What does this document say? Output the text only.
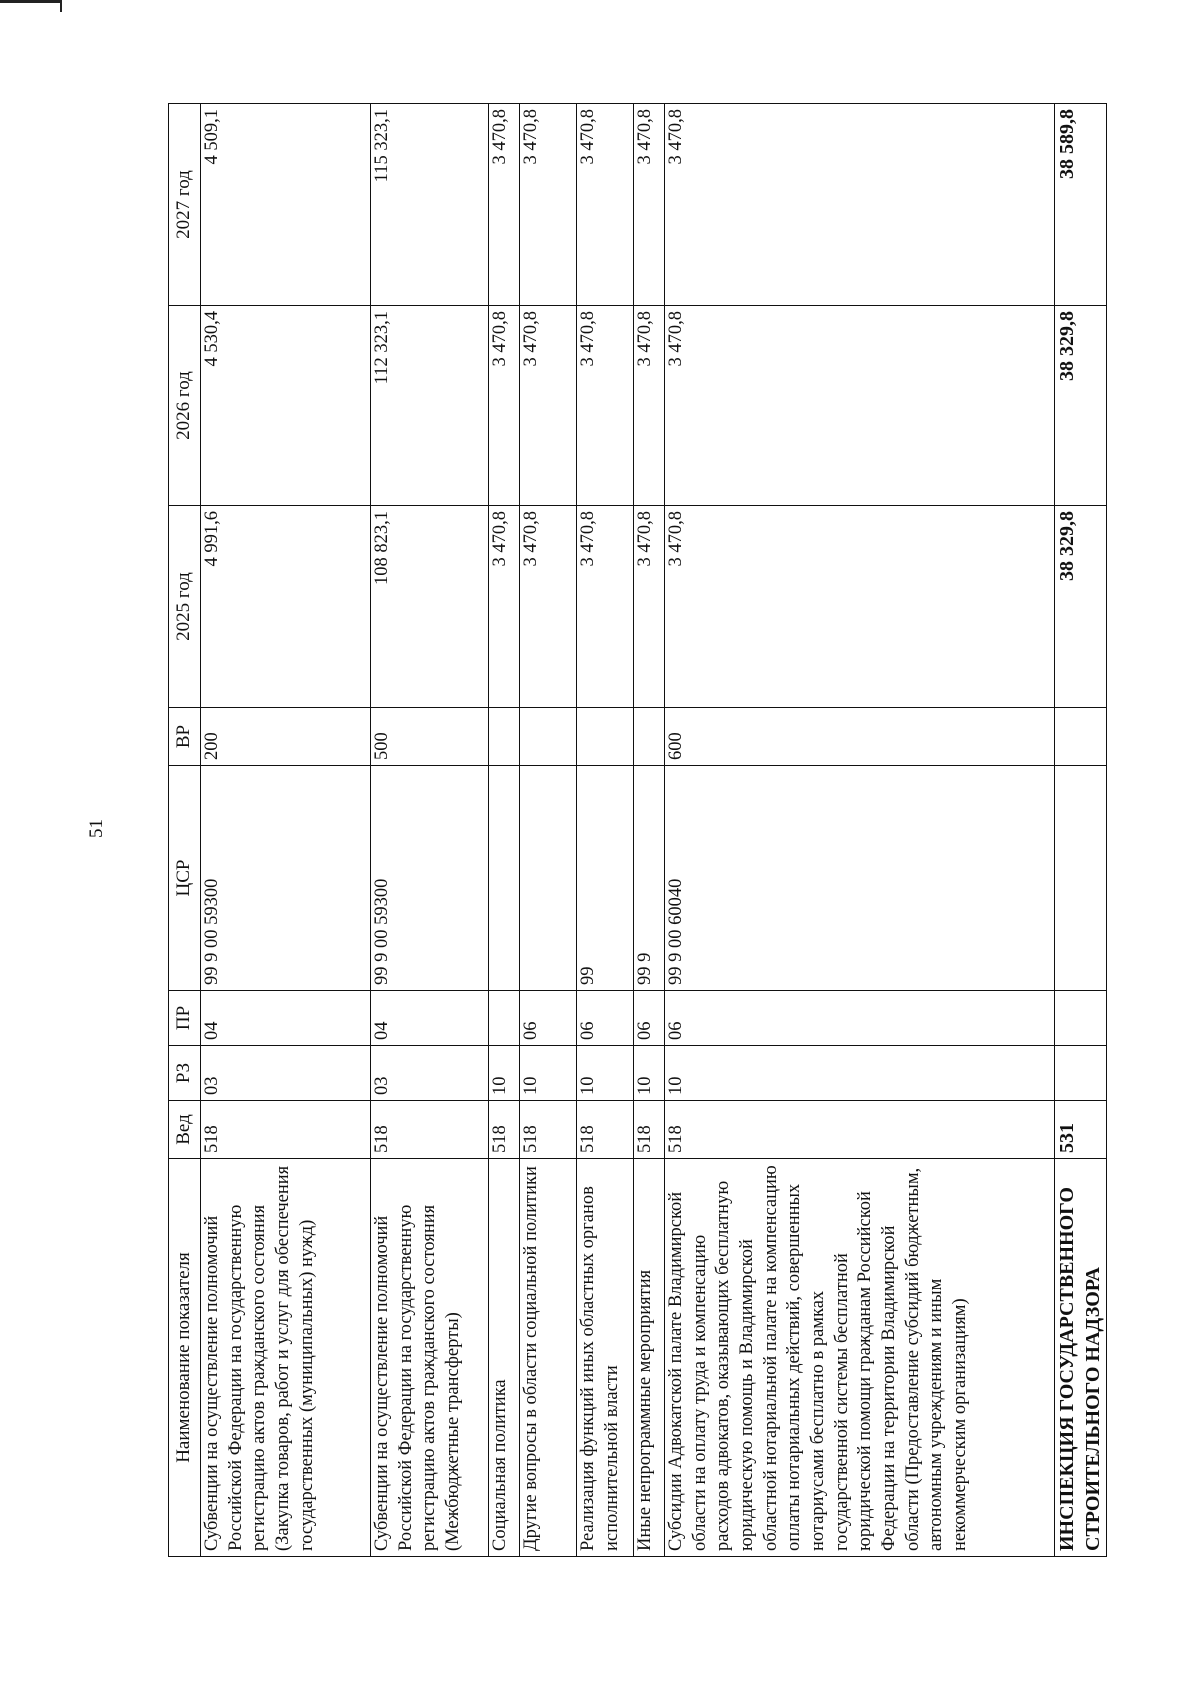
51
Наименование показателя	Вед	РЗ	ПР	ЦСР	ВР	2025 год	2026 год	2027 год
Субвенции на осуществление полномочий Российской Федерации на государственную регистрацию актов гражданского состояния (Закупка товаров, работ и услуг для обеспечения государственных (муниципальных) нужд)	518	03	04	99 9 00 59300	200	4 991,6	4 530,4	4 509,1
Субвенции на осуществление полномочий Российской Федерации на государственную регистрацию актов гражданского состояния (Межбюджетные трансферты)	518	03	04	99 9 00 59300	500	108 823,1	112 323,1	115 323,1
Социальная политика	518	10				3 470,8	3 470,8	3 470,8
Другие вопросы в области социальной политики	518	10	06			3 470,8	3 470,8	3 470,8
Реализация функций иных областных органов исполнительной власти	518	10	06	99		3 470,8	3 470,8	3 470,8
Иные непрограммные мероприятия	518	10	06	99 9		3 470,8	3 470,8	3 470,8
Субсидии Адвокатской палате Владимирской области на оплату труда и компенсацию расходов адвокатов, оказывающих бесплатную юридическую помощь и Владимирской областной нотариальной палате на компенсацию оплаты нотариальных действий, совершенных нотариусами бесплатно в рамках государственной системы бесплатной юридической помощи гражданам Российской Федерации на территории Владимирской области (Предоставление субсидий бюджетным, автономным учреждениям и иным некоммерческим организациям)	518	10	06	99 9 00 60040	600	3 470,8	3 470,8	3 470,8
ИНСПЕКЦИЯ ГОСУДАРСТВЕННОГО СТРОИТЕЛЬНОГО НАДЗОРА	531					38 329,8	38 329,8	38 589,8
